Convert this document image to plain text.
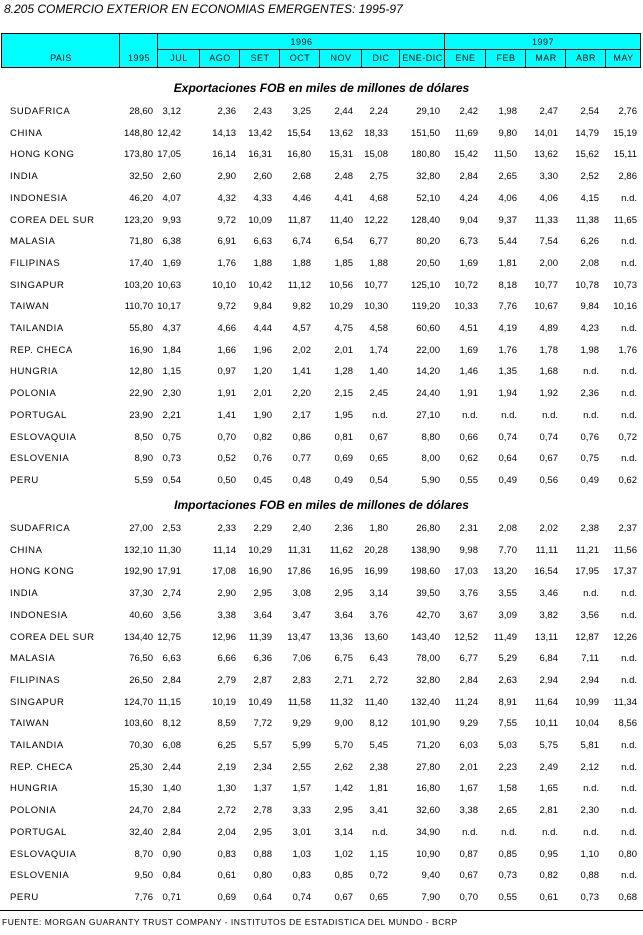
8.205 COMERCIO EXTERIOR EN ECONOMIAS EMERGENTES: 1995-97
PAIS	1995
1996	1997
JUL	AGO	SET	OCT	NOV	DIC	ENE-DIC	ENE	FEB	MAR	ABR	MAY
Exportaciones FOB en miles de millones de dólares
SUDAFRICA	28,60 3,12	2,36 2,43 3,25 2,44 2,24	29,10 2,42 1,98 2,47 2,54 2,76
CHINA	148,80 12,42	14,13 13,42 15,54 13,62 18,33 151,50 11,69 9,80 14,01 14,79 15,19
HONG KONG	173,80 17,05	16,14 16,31 16,80 15,31 15,08 180,80 15,42 11,50 13,62 15,62 15,11
INDIA	32,50 2,60	2,90 2,60 2,68 2,48 2,75	32,80 2,84 2,65 3,30 2,52 2,86
INDONESIA	46,20 4,07	4,32 4,33 4,46 4,41 4,68	52,10 4,24 4,06 4,06 4,15 n.d.
COREA DEL SUR	123,20 9,93	9,72 10,09 11,87 11,40 12,22 128,40 9,04 9,37 11,33 11,38 11,65
MALASIA	71,80 6,38	6,91 6,63 6,74 6,54 6,77	80,20 6,73 5,44 7,54 6,26 n.d.
FILIPINAS	17,40 1,69	1,76 1,88 1,88 1,85 1,88	20,50 1,69 1,81 2,00 2,08 n.d.
SINGAPUR	103,20 10,63	10,10 10,42 11,12 10,56 10,77 125,10 10,72 8,18 10,77 10,78 10,73
TAIWAN	110,70 10,17	9,72 9,84 9,82 10,29 10,30 119,20 10,33 7,76 10,67 9,84 10,16
TAILANDIA	55,80 4,37	4,66 4,44 4,57 4,75 4,58	60,60 4,51 4,19 4,89 4,23 n.d.
REP. CHECA	16,90 1,84	1,66 1,96 2,02 2,01 1,74	22,00 1,69 1,76 1,78 1,98 1,76
HUNGRIA	12,80 1,15	0,97 1,20 1,41 1,28 1,40	14,20 1,46 1,35 1,68	n.d. n.d.
POLONIA	22,90 2,30	1,91 2,01 2,20 2,15 2,45	24,40 1,91 1,94 1,92 2,36 n.d.
PORTUGAL	23,90 2,21	1,41 1,90 2,17 1,95 n.d.	27,10 n.d. n.d.	n.d.	n.d. n.d.
ESLOVAQUIA	8,50 0,75	0,70 0,82 0,86 0,81 0,67	8,80 0,66 0,74 0,74 0,76 0,72
ESLOVENIA	8,90 0,73	0,52 0,76 0,77 0,69 0,65	8,00 0,62 0,64 0,67 0,75 n.d.
PERU	5,59 0,54	0,50 0,45 0,48 0,49 0,54	5,90 0,55 0,49 0,56 0,49 0,62
Importaciones FOB en miles de millones de dólares
SUDAFRICA	27,00 2,53	2,33 2,29 2,40 2,36 1,80	26,80 2,31 2,08 2,02 2,38 2,37
CHINA	132,10 11,30	11,14 10,29 11,31 11,62 20,28 138,90 9,98 7,70 11,11 11,21 11,56
HONG KONG	192,90 17,91	17,08 16,90 17,86 16,95 16,99 198,60 17,03 13,20 16,54 17,95 17,37
INDIA	37,30 2,74	2,90 2,95 3,08 2,95 3,14	39,50 3,76 3,55 3,46	n.d. n.d.
INDONESIA	40,60 3,56	3,38 3,64 3,47 3,64 3,76	42,70 3,67 3,09 3,82 3,56 n.d.
COREA DEL SUR	134,40 12,75	12,96 11,39 13,47 13,36 13,60 143,40 12,52 11,49 13,11 12,87 12,26
MALASIA	76,50 6,63	6,66 6,36 7,06 6,75 6,43	78,00 6,77 5,29 6,84 7,11 n.d.
FILIPINAS	26,50 2,84	2,79 2,87 2,83 2,71 2,72	32,80 2,84 2,63 2,94 2,94 n.d.
SINGAPUR	124,70 11,15	10,19 10,49 11,58 11,32 11,40 132,40 11,24 8,91 11,64 10,99 11,34
TAIWAN	103,60 8,12	8,59 7,72 9,29 9,00 8,12 101,90 9,29 7,55 10,11 10,04 8,56
TAILANDIA	70,30 6,08	6,25 5,57 5,99 5,70 5,45	71,20 6,03 5,03 5,75 5,81 n.d.
REP. CHECA	25,30 2,44	2,19 2,34 2,55 2,62 2,38	27,80 2,01 2,23 2,49 2,12 n.d.
HUNGRIA	15,30 1,40	1,30 1,37 1,57 1,42 1,81	16,80 1,67 1,58 1,65	n.d. n.d.
POLONIA	24,70 2,84	2,72 2,78 3,33 2,95 3,41	32,60 3,38 2,65 2,81 2,30 n.d.
PORTUGAL	32,40 2,84	2,04 2,95 3,01 3,14 n.d.	34,90 n.d. n.d.	n.d.	n.d. n.d.
ESLOVAQUIA	8,70 0,90	0,83 0,88 1,03 1,02 1,15	10,90 0,87 0,85 0,95 1,10 0,80
ESLOVENIA	9,50 0,84	0,61 0,80 0,83 0,85 0,72	9,40 0,67 0,73 0,82 0,88 n.d.
PERU	7,76 0,71	0,69 0,64 0,74 0,67 0,65	7,90 0,70 0,55 0,61 0,73 0,68
FUENTE: MORGAN GUARANTY TRUST COMPANY - INSTITUTOS DE ESTADISTICA DEL MUNDO - BCRP
